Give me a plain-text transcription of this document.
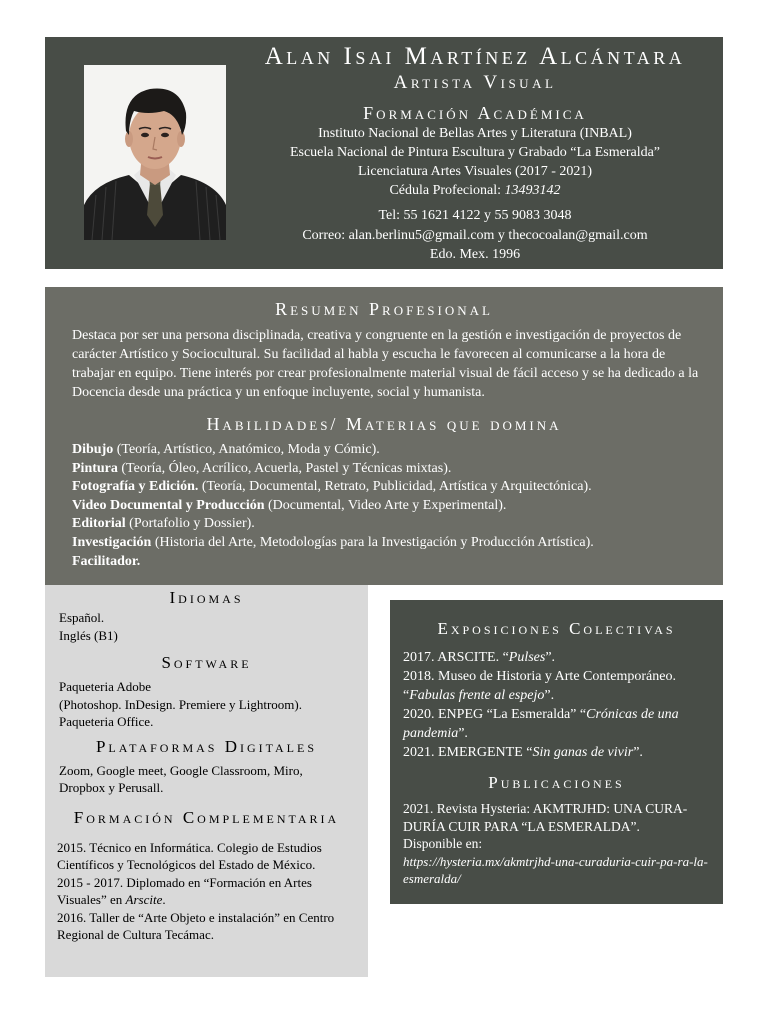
Alan Isai Martínez Alcántara
Artista Visual
Formación Académica
Instituto Nacional de Bellas Artes y Literatura (INBAL)
Escuela Nacional de Pintura Escultura y Grabado “La Esmeralda”
Licenciatura Artes Visuales (2017 - 2021)
Cédula Profecional: 13493142
Tel: 55 1621 4122 y 55 9083 3048
Correo: alan.berlinu5@gmail.com y thecocoalan@gmail.com
Edo. Mex. 1996
Resumen Profesional
Destaca por ser una persona disciplinada, creativa y congruente en la gestión e investigación de proyectos de carácter Artístico y Sociocultural. Su facilidad al habla y escucha le favorecen al comunicarse a la hora de trabajar en equipo. Tiene interés por crear profesionalmente material visual de fácil acceso y se ha dedicado a la Docencia desde una práctica y un enfoque incluyente, social y humanista.
Habilidades/ Materias que domina
Dibujo (Teoría, Artístico, Anatómico, Moda y Cómic).
Pintura (Teoría, Óleo, Acrílico, Acuerla, Pastel y Técnicas mixtas).
Fotografía y Edición. (Teoría, Documental, Retrato, Publicidad, Artística y Arquitectónica).
Video Documental y Producción (Documental, Video Arte y Experimental).
Editorial (Portafolio y Dossier).
Investigación (Historia del Arte, Metodologías para la Investigación y Producción Artística).
Facilitador.
Idiomas
Español.
Inglés (B1)
Software
Paqueteria Adobe
(Photoshop. InDesign. Premiere y Lightroom).
Paqueteria Office.
Plataformas Digitales
Zoom, Google meet, Google Classroom, Miro, Dropbox y Perusall.
Formación Complementaria
2015. Técnico en Informática. Colegio de Estudios Científicos y Tecnológicos del Estado de México.
2015 - 2017. Diplomado en “Formación en Artes Visuales” en Arscite.
2016. Taller de “Arte Objeto e instalación” en Centro Regional de Cultura Tecámac.
Exposiciones Colectivas
2017. ARSCITE. “Pulses”.
2018. Museo de Historia y Arte Contemporáneo. “Fabulas frente al espejo”.
2020. ENPEG “La Esmeralda” “Crónicas de una pandemia”.
2021. EMERGENTE “Sin ganas de vivir”.
Publicaciones
2021. Revista Hysteria: AKMTRJHD: UNA CURA-DURÍA CUIR PARA “LA ESMERALDA”.
Disponible en:
https://hysteria.mx/akmtrjhd-una-curaduria-cuir-pa-ra-la-esmeralda/
